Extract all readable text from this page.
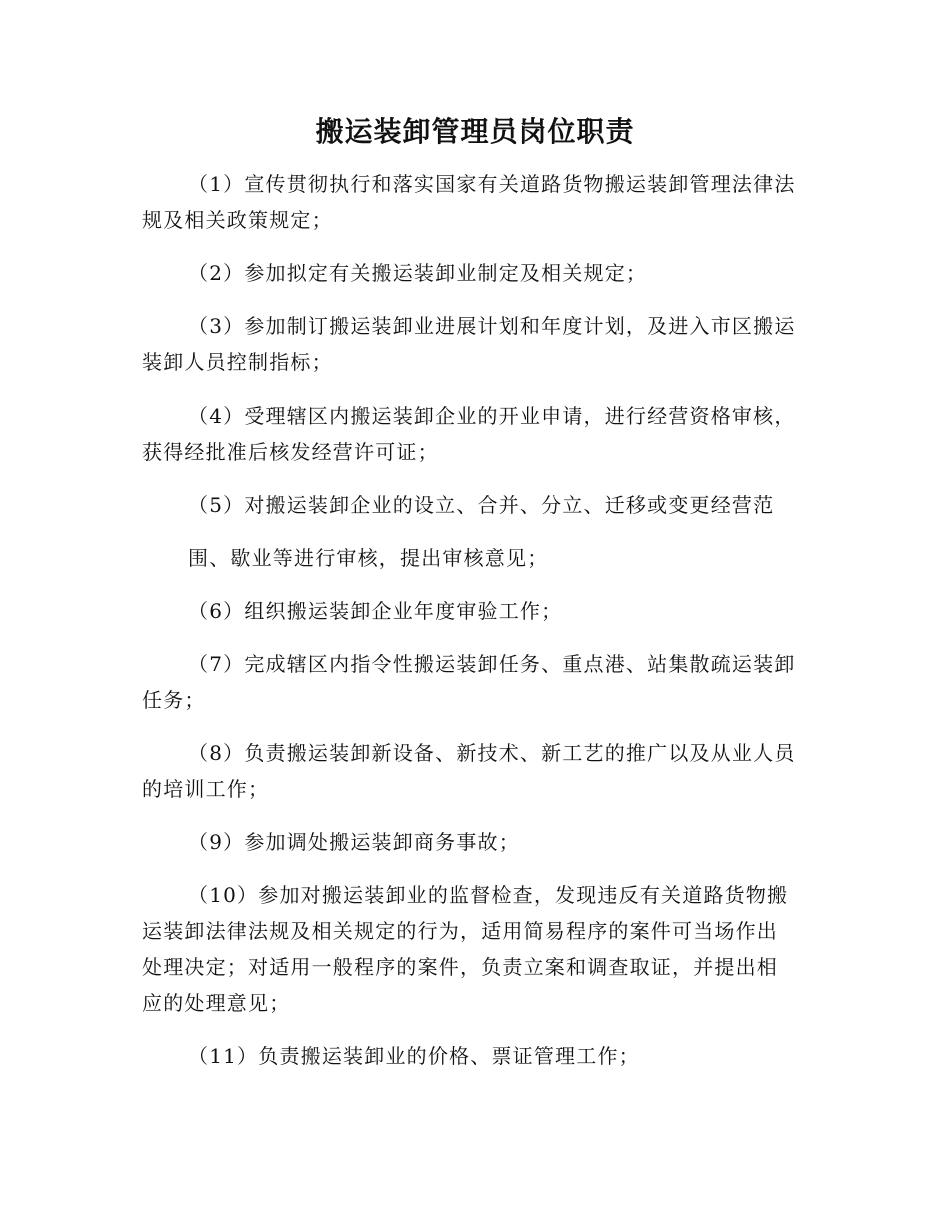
搬运装卸管理员岗位职责
（1）宣传贯彻执行和落实国家有关道路货物搬运装卸管理法律法
规及相关政策规定；
（2）参加拟定有关搬运装卸业制定及相关规定；
（3）参加制订搬运装卸业进展计划和年度计划，及进入市区搬运
装卸人员控制指标；
（4）受理辖区内搬运装卸企业的开业申请，进行经营资格审核，
获得经批准后核发经营许可证；
（5）对搬运装卸企业的设立、合并、分立、迁移或变更经营范
围、歇业等进行审核，提出审核意见；
（6）组织搬运装卸企业年度审验工作；
（7）完成辖区内指令性搬运装卸任务、重点港、站集散疏运装卸
任务；
（8）负责搬运装卸新设备、新技术、新工艺的推广以及从业人员
的培训工作；
（9）参加调处搬运装卸商务事故；
（10）参加对搬运装卸业的监督检查，发现违反有关道路货物搬
运装卸法律法规及相关规定的行为，适用简易程序的案件可当场作出
处理决定；对适用一般程序的案件，负责立案和调查取证，并提出相
应的处理意见；
（11）负责搬运装卸业的价格、票证管理工作；
